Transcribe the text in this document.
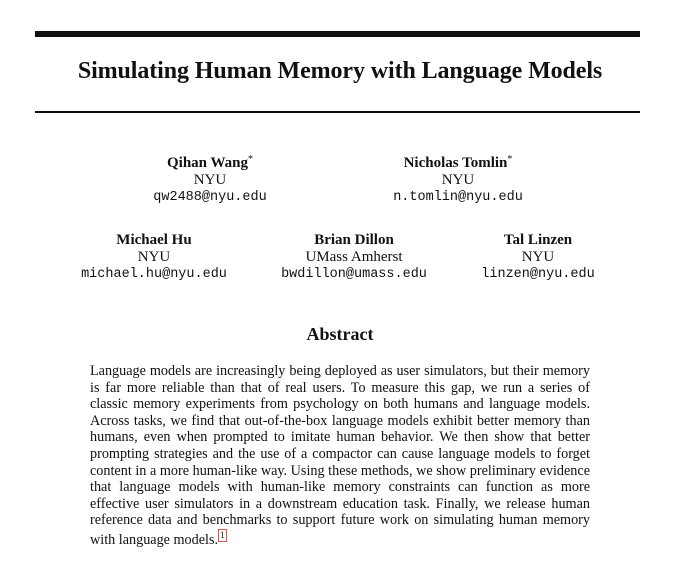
Simulating Human Memory with Language Models
Qihan Wang*
NYU
qw2488@nyu.edu
Nicholas Tomlin*
NYU
n.tomlin@nyu.edu
Michael Hu
NYU
michael.hu@nyu.edu
Brian Dillon
UMass Amherst
bwdillon@umass.edu
Tal Linzen
NYU
linzen@nyu.edu
Abstract
Language models are increasingly being deployed as user simulators, but their memory is far more reliable than that of real users. To measure this gap, we run a series of classic memory experiments from psychology on both humans and language models. Across tasks, we find that out-of-the-box language models exhibit better memory than humans, even when prompted to imitate human behavior. We then show that better prompting strategies and the use of a compactor can cause language models to forget content in a more human-like way. Using these methods, we show preliminary evidence that language models with human-like memory constraints can function as more effective user simulators in a downstream education task. Finally, we release human reference data and benchmarks to support future work on simulating human memory with language models. 1
